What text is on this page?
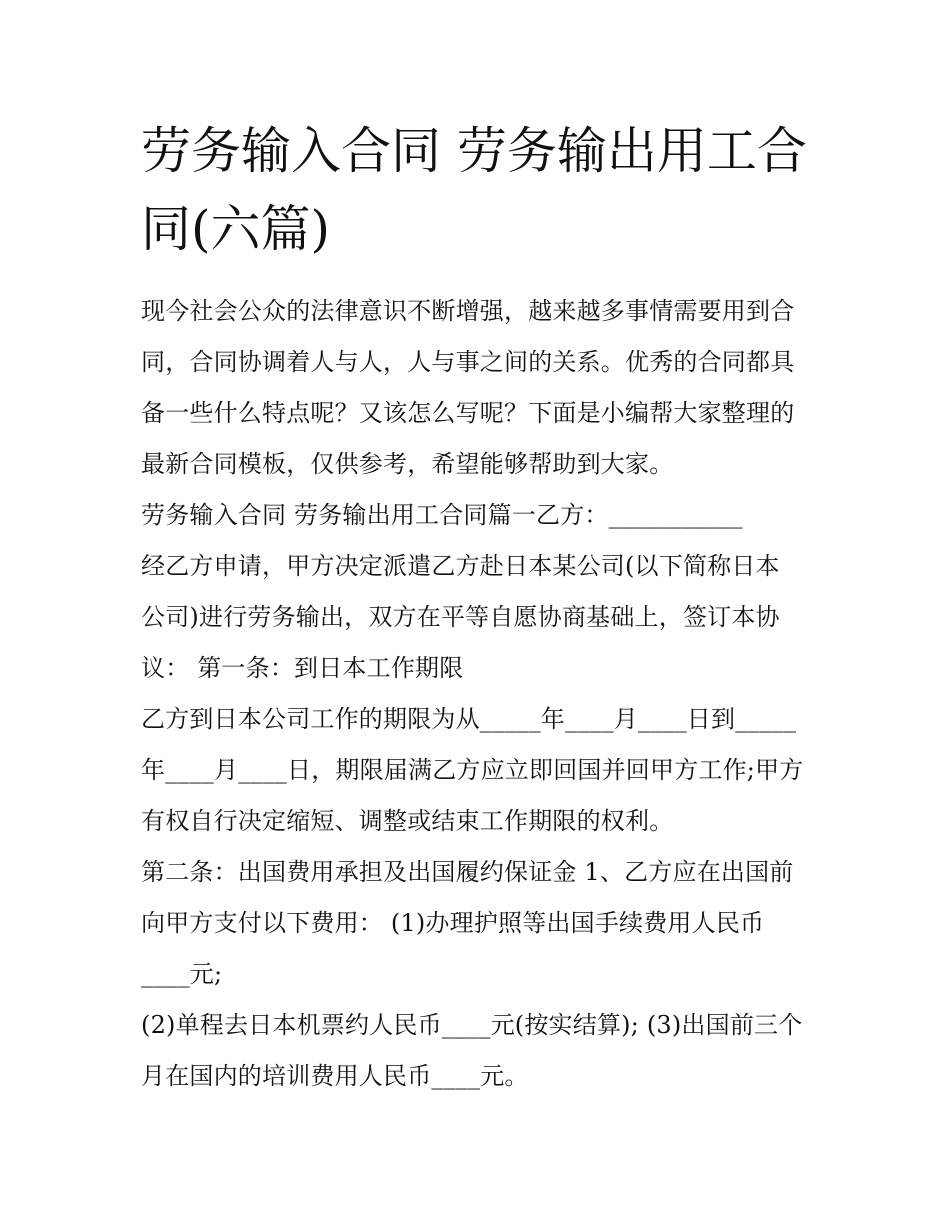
劳务输入合同 劳务输出用工合
同(六篇)
现今社会公众的法律意识不断增强，越来越多事情需要用到合
同，合同协调着人与人，人与事之间的关系。优秀的合同都具
备一些什么特点呢？又该怎么写呢？下面是小编帮大家整理的
最新合同模板，仅供参考，希望能够帮助到大家。
劳务输入合同 劳务输出用工合同篇一乙方：___________
经乙方申请，甲方决定派遣乙方赴日本某公司(以下简称日本
公司)进行劳务输出，双方在平等自愿协商基础上，签订本协
议： 第一条：到日本工作期限
乙方到日本公司工作的期限为从_____年____月____日到_____
年____月____日，期限届满乙方应立即回国并回甲方工作;甲方
有权自行决定缩短、调整或结束工作期限的权利。
第二条：出国费用承担及出国履约保证金 1、乙方应在出国前
向甲方支付以下费用： (1)办理护照等出国手续费用人民币
____元;
(2)单程去日本机票约人民币____元(按实结算); (3)出国前三个
月在国内的培训费用人民币____元。
